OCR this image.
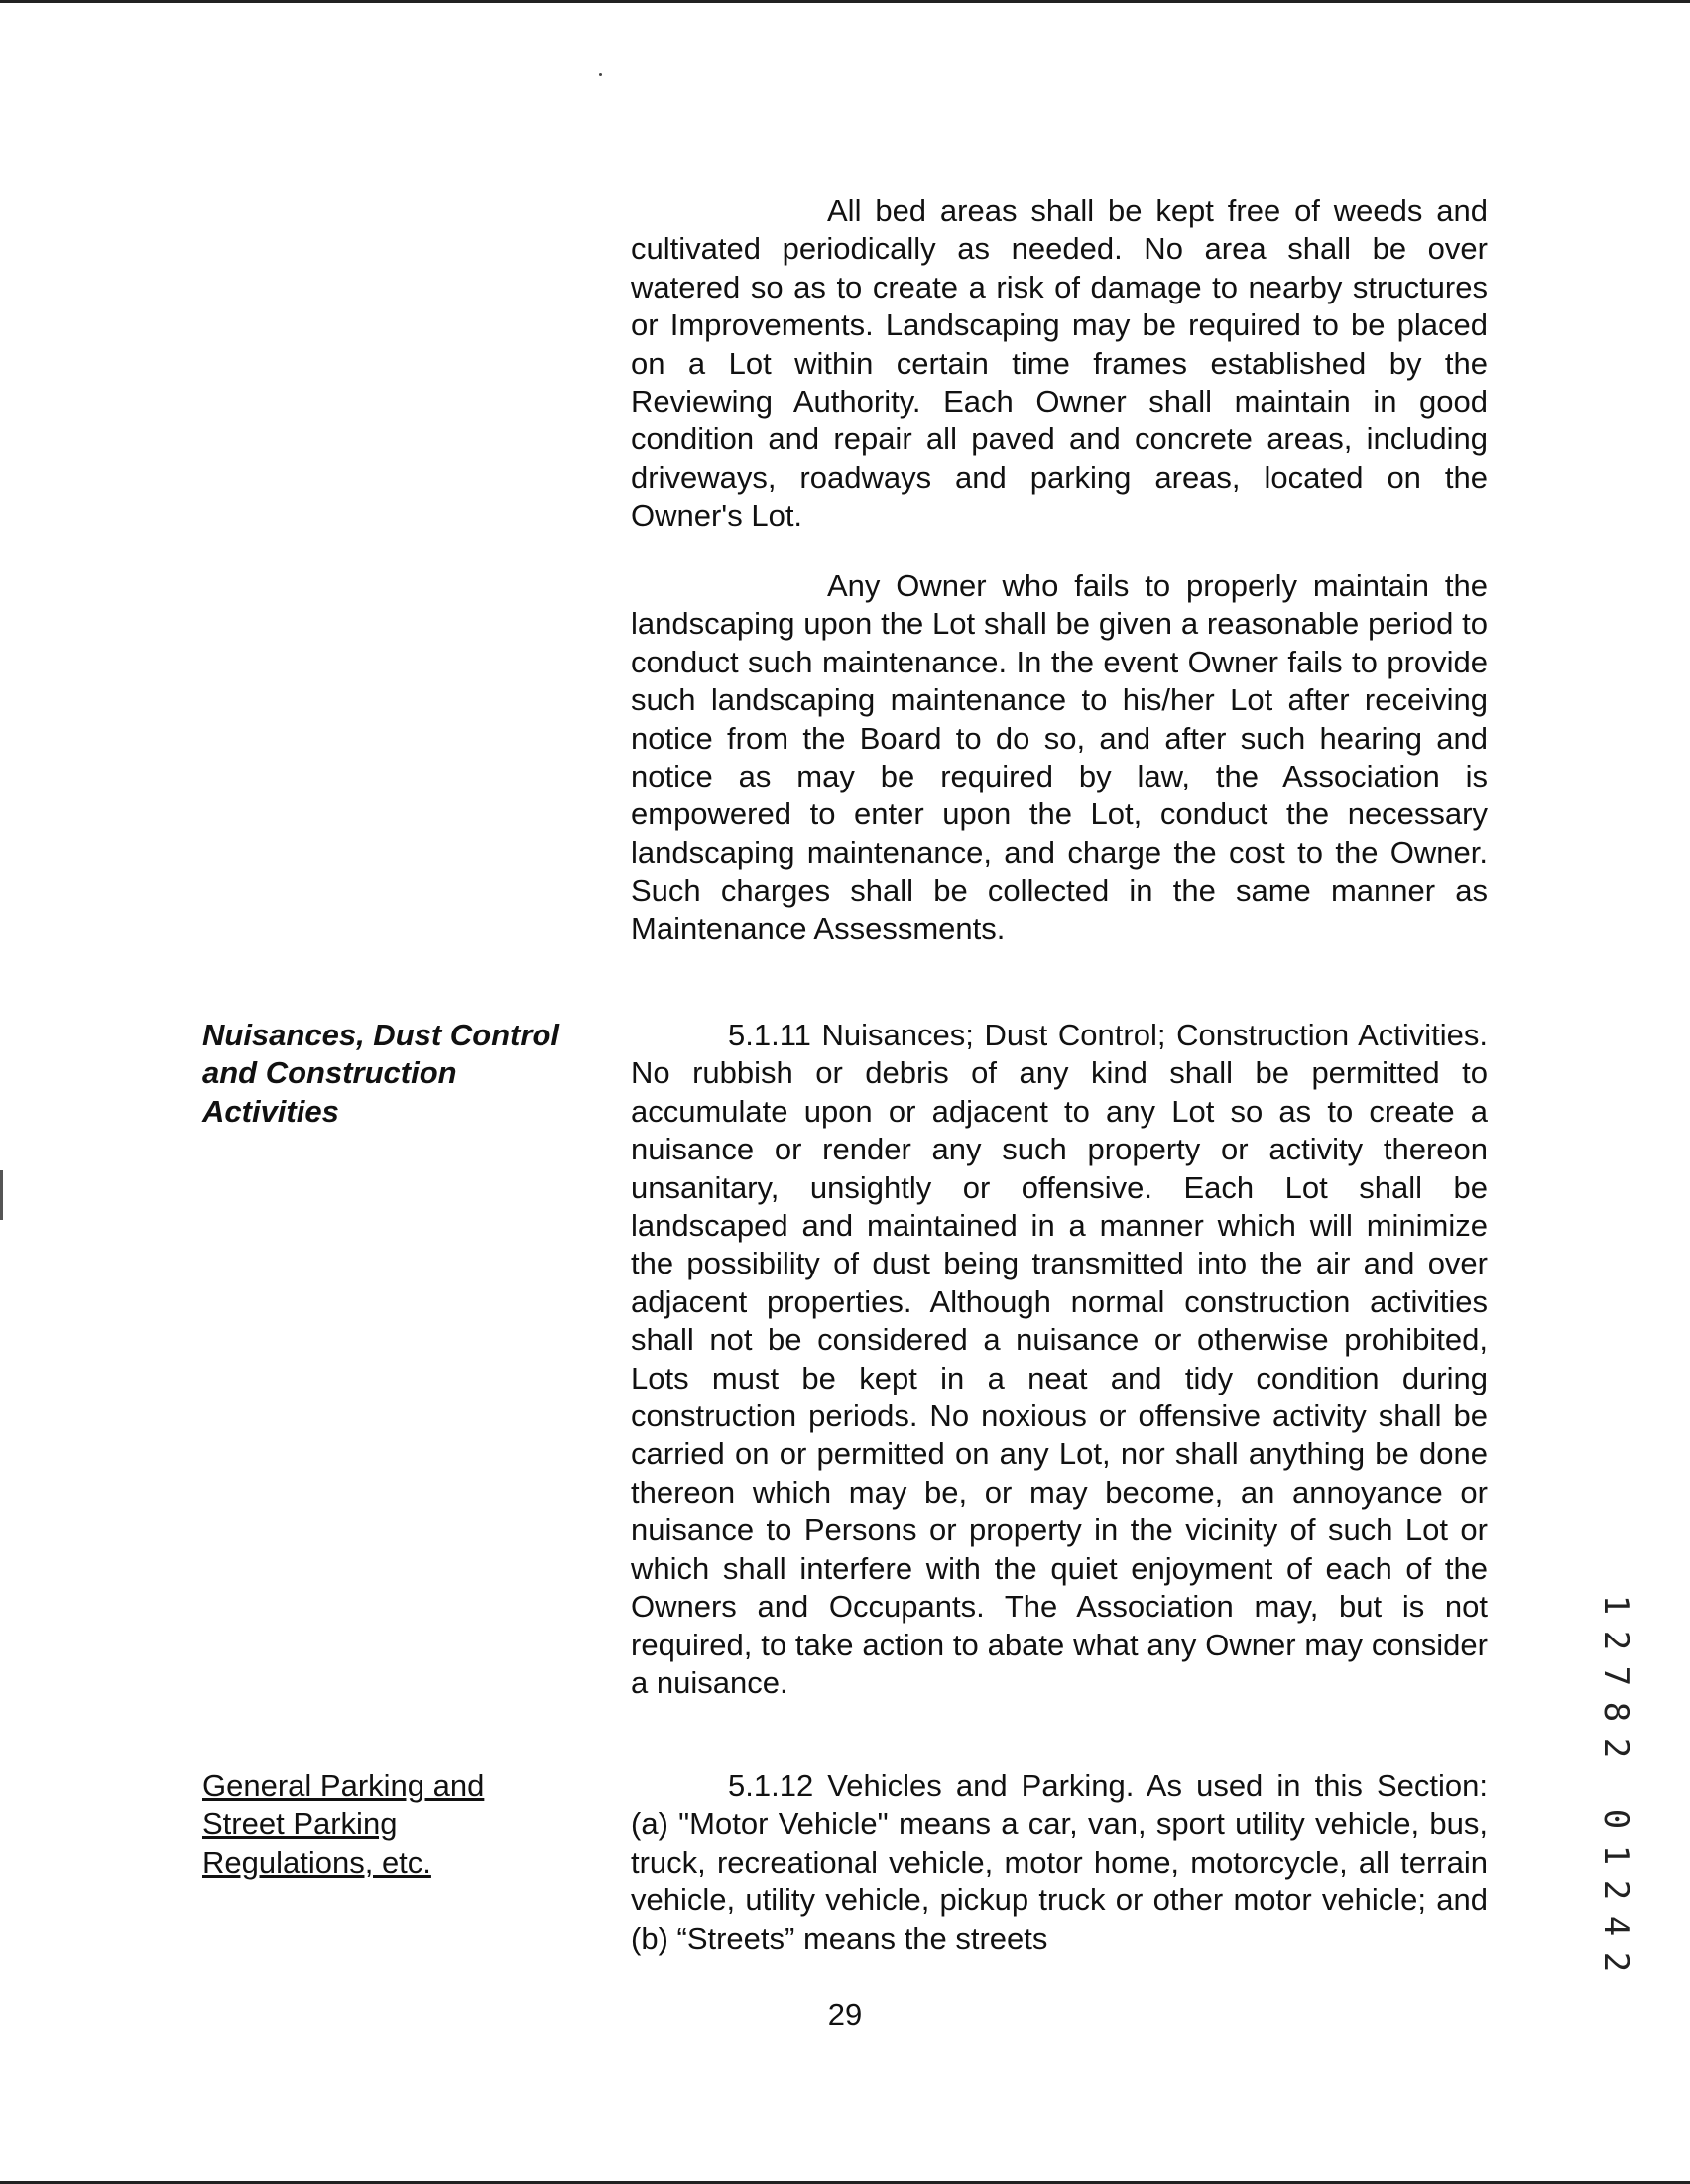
All bed areas shall be kept free of weeds and cultivated periodically as needed. No area shall be over watered so as to create a risk of damage to nearby structures or Improvements. Landscaping may be required to be placed on a Lot within certain time frames established by the Reviewing Authority. Each Owner shall maintain in good condition and repair all paved and concrete areas, including driveways, roadways and parking areas, located on the Owner's Lot.

Any Owner who fails to properly maintain the landscaping upon the Lot shall be given a reasonable period to conduct such maintenance. In the event Owner fails to provide such landscaping maintenance to his/her Lot after receiving notice from the Board to do so, and after such hearing and notice as may be required by law, the Association is empowered to enter upon the Lot, conduct the necessary landscaping maintenance, and charge the cost to the Owner. Such charges shall be collected in the same manner as Maintenance Assessments.

Nuisances, Dust Control and Construction Activities

5.1.11 Nuisances; Dust Control; Construction Activities. No rubbish or debris of any kind shall be permitted to accumulate upon or adjacent to any Lot so as to create a nuisance or render any such property or activity thereon unsanitary, unsightly or offensive. Each Lot shall be landscaped and maintained in a manner which will minimize the possibility of dust being transmitted into the air and over adjacent properties. Although normal construction activities shall not be considered a nuisance or otherwise prohibited, Lots must be kept in a neat and tidy condition during construction periods. No noxious or offensive activity shall be carried on or permitted on any Lot, nor shall anything be done thereon which may be, or may become, an annoyance or nuisance to Persons or property in the vicinity of such Lot or which shall interfere with the quiet enjoyment of each of the Owners and Occupants. The Association may, but is not required, to take action to abate what any Owner may consider a nuisance.

General Parking and Street Parking Regulations, etc.

5.1.12 Vehicles and Parking. As used in this Section: (a) "Motor Vehicle" means a car, van, sport utility vehicle, bus, truck, recreational vehicle, motor home, motorcycle, all terrain vehicle, utility vehicle, pickup truck or other motor vehicle; and (b) “Streets” means the streets

29
1
2
7
8
2
0
1
2
4
2
